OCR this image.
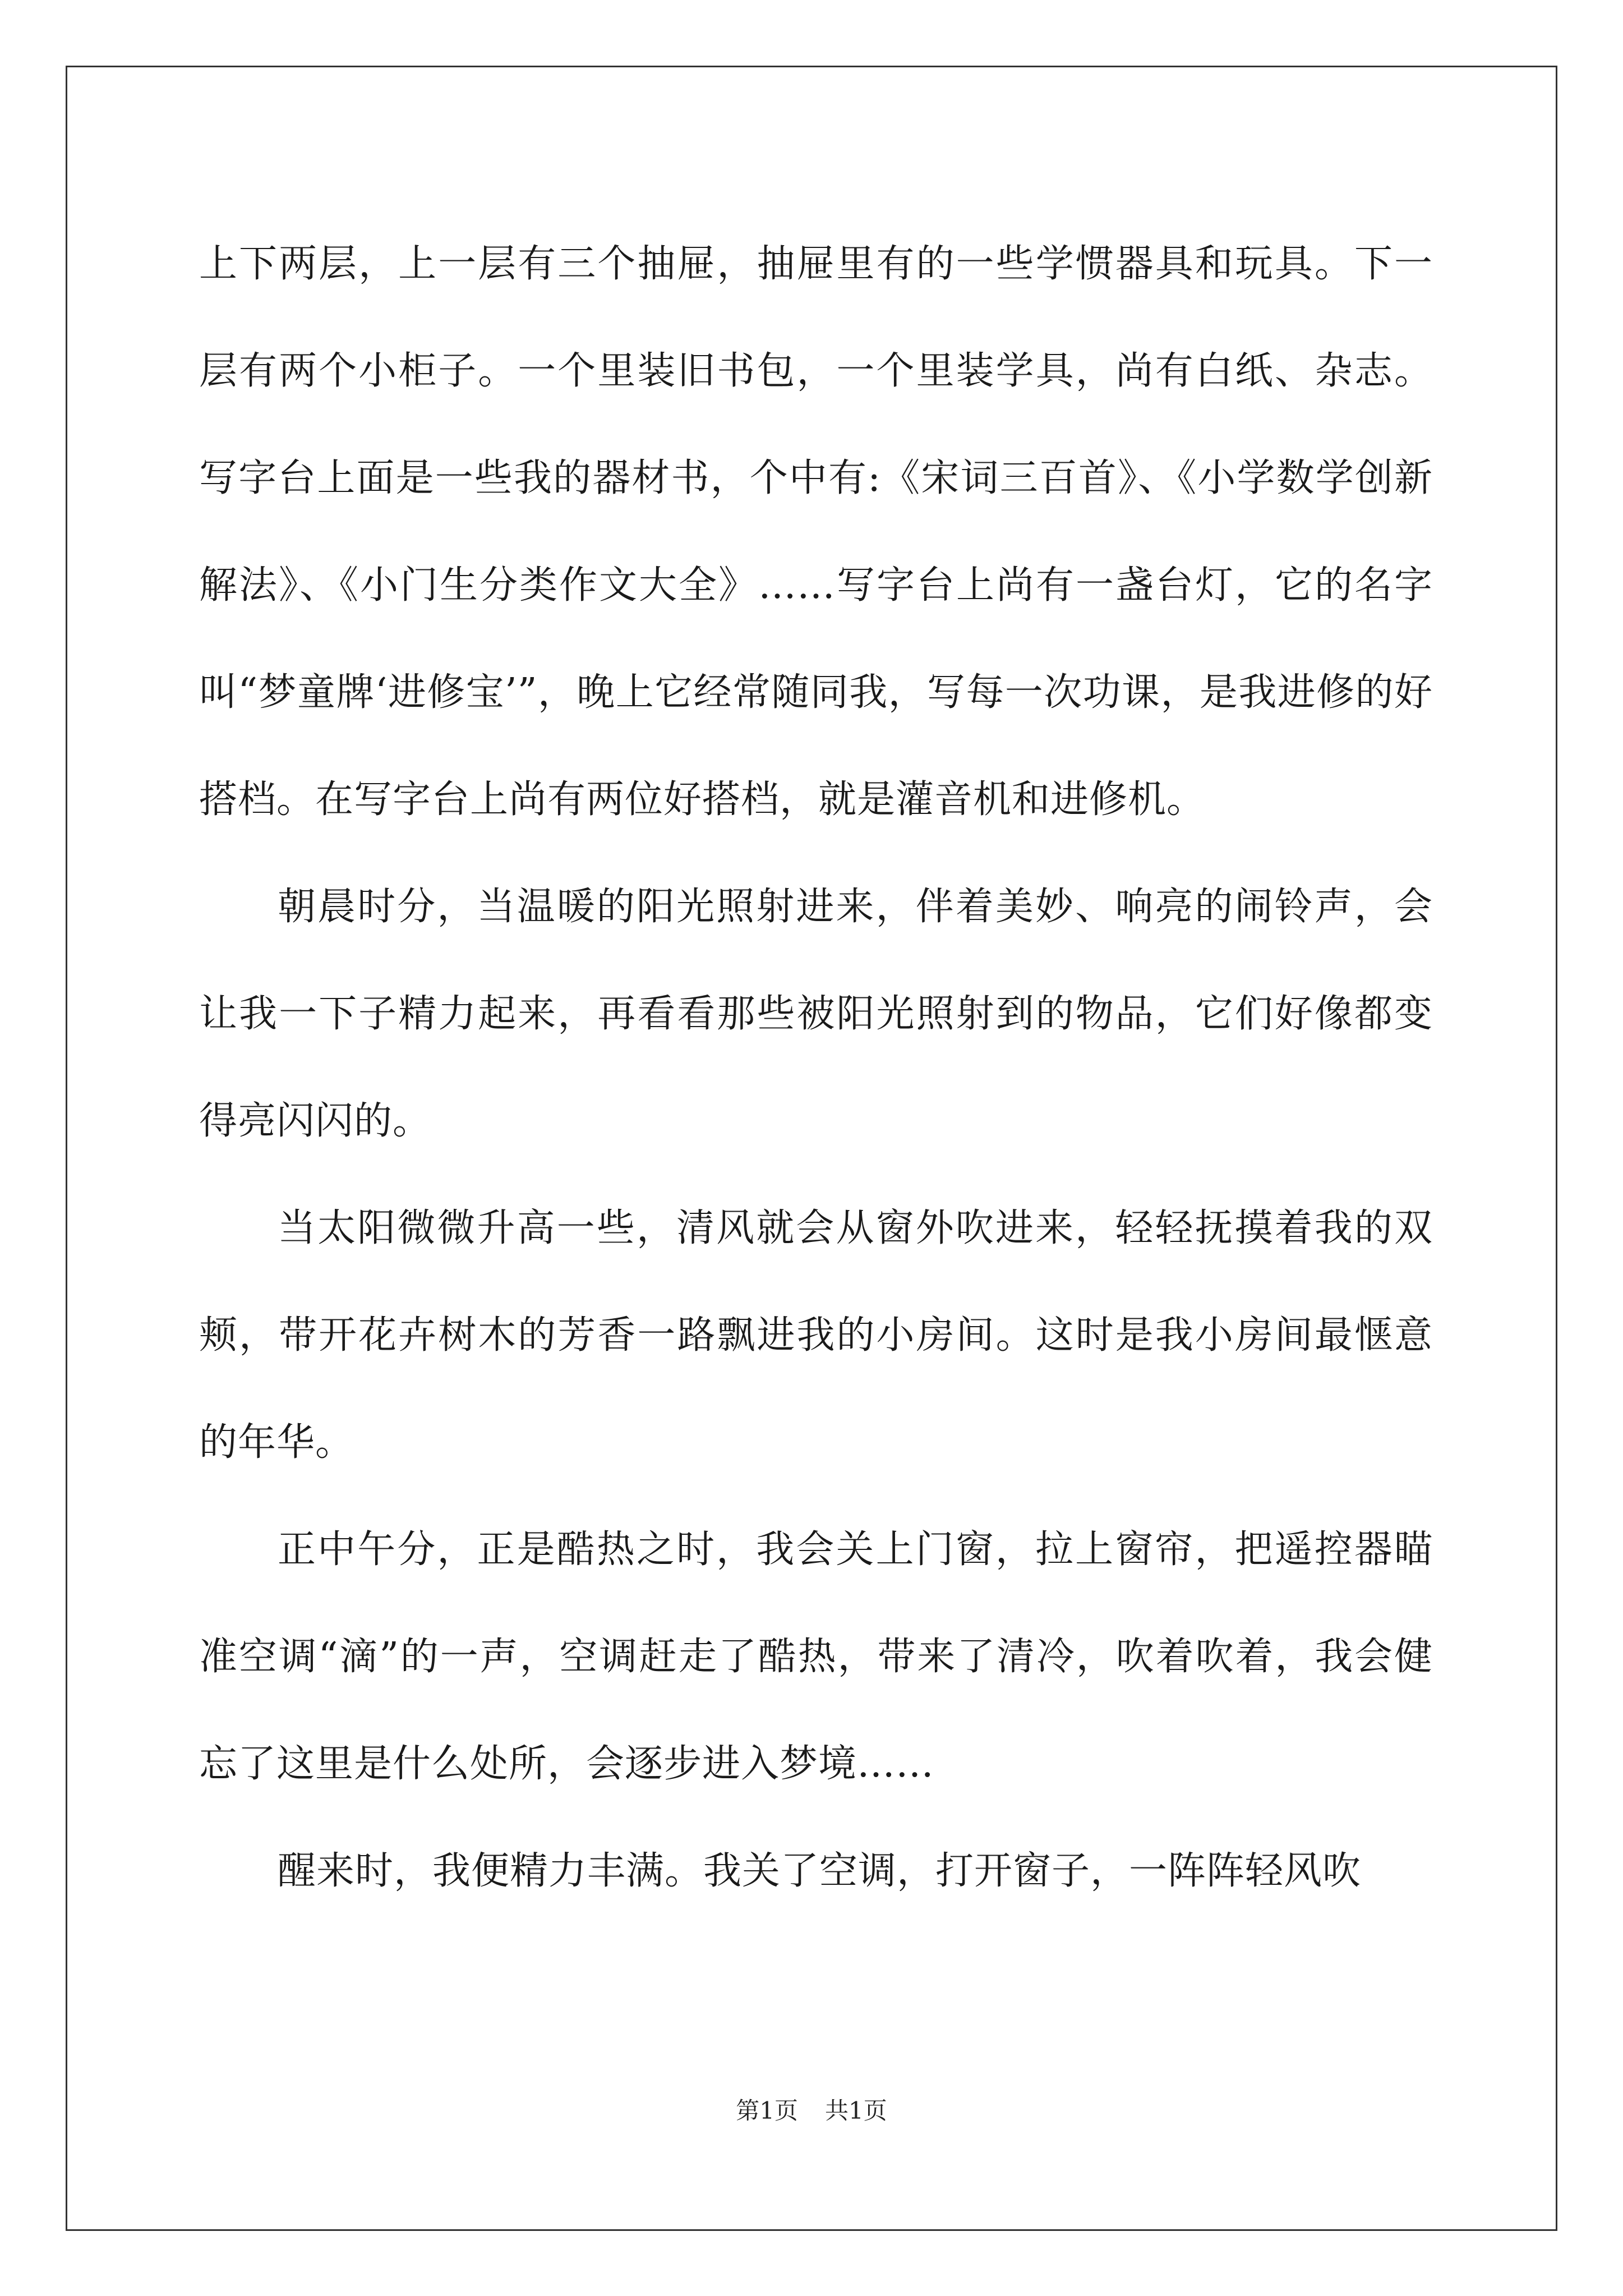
上下两层，上一层有三个抽屉，抽屉里有的一些学惯器具和玩具。下一层有两个小柜子。一个里装旧书包，一个里装学具，尚有白纸、杂志。写字台上面是一些我的器材书，个中有:《宋词三百首》、《小学数学创新解法》、《小门生分类作文大全》……写字台上尚有一盏台灯，它的名字叫“梦童牌‘进修宝’”，晚上它经常随同我，写每一次功课，是我进修的好搭档。在写字台上尚有两位好搭档，就是灌音机和进修机。

朝晨时分，当温暖的阳光照射进来，伴着美妙、响亮的闹铃声，会让我一下子精力起来，再看看那些被阳光照射到的物品，它们好像都变得亮闪闪的。

当太阳微微升高一些，清风就会从窗外吹进来，轻轻抚摸着我的双颊，带开花卉树木的芳香一路飘进我的小房间。这时是我小房间最惬意的年华。

正中午分，正是酷热之时，我会关上门窗，拉上窗帘，把遥控器瞄准空调“滴”的一声，空调赶走了酷热，带来了清冷，吹着吹着，我会健忘了这里是什么处所，会逐步进入梦境……

醒来时，我便精力丰满。我关了空调，打开窗子，一阵阵轻风吹

第1页 共1页
